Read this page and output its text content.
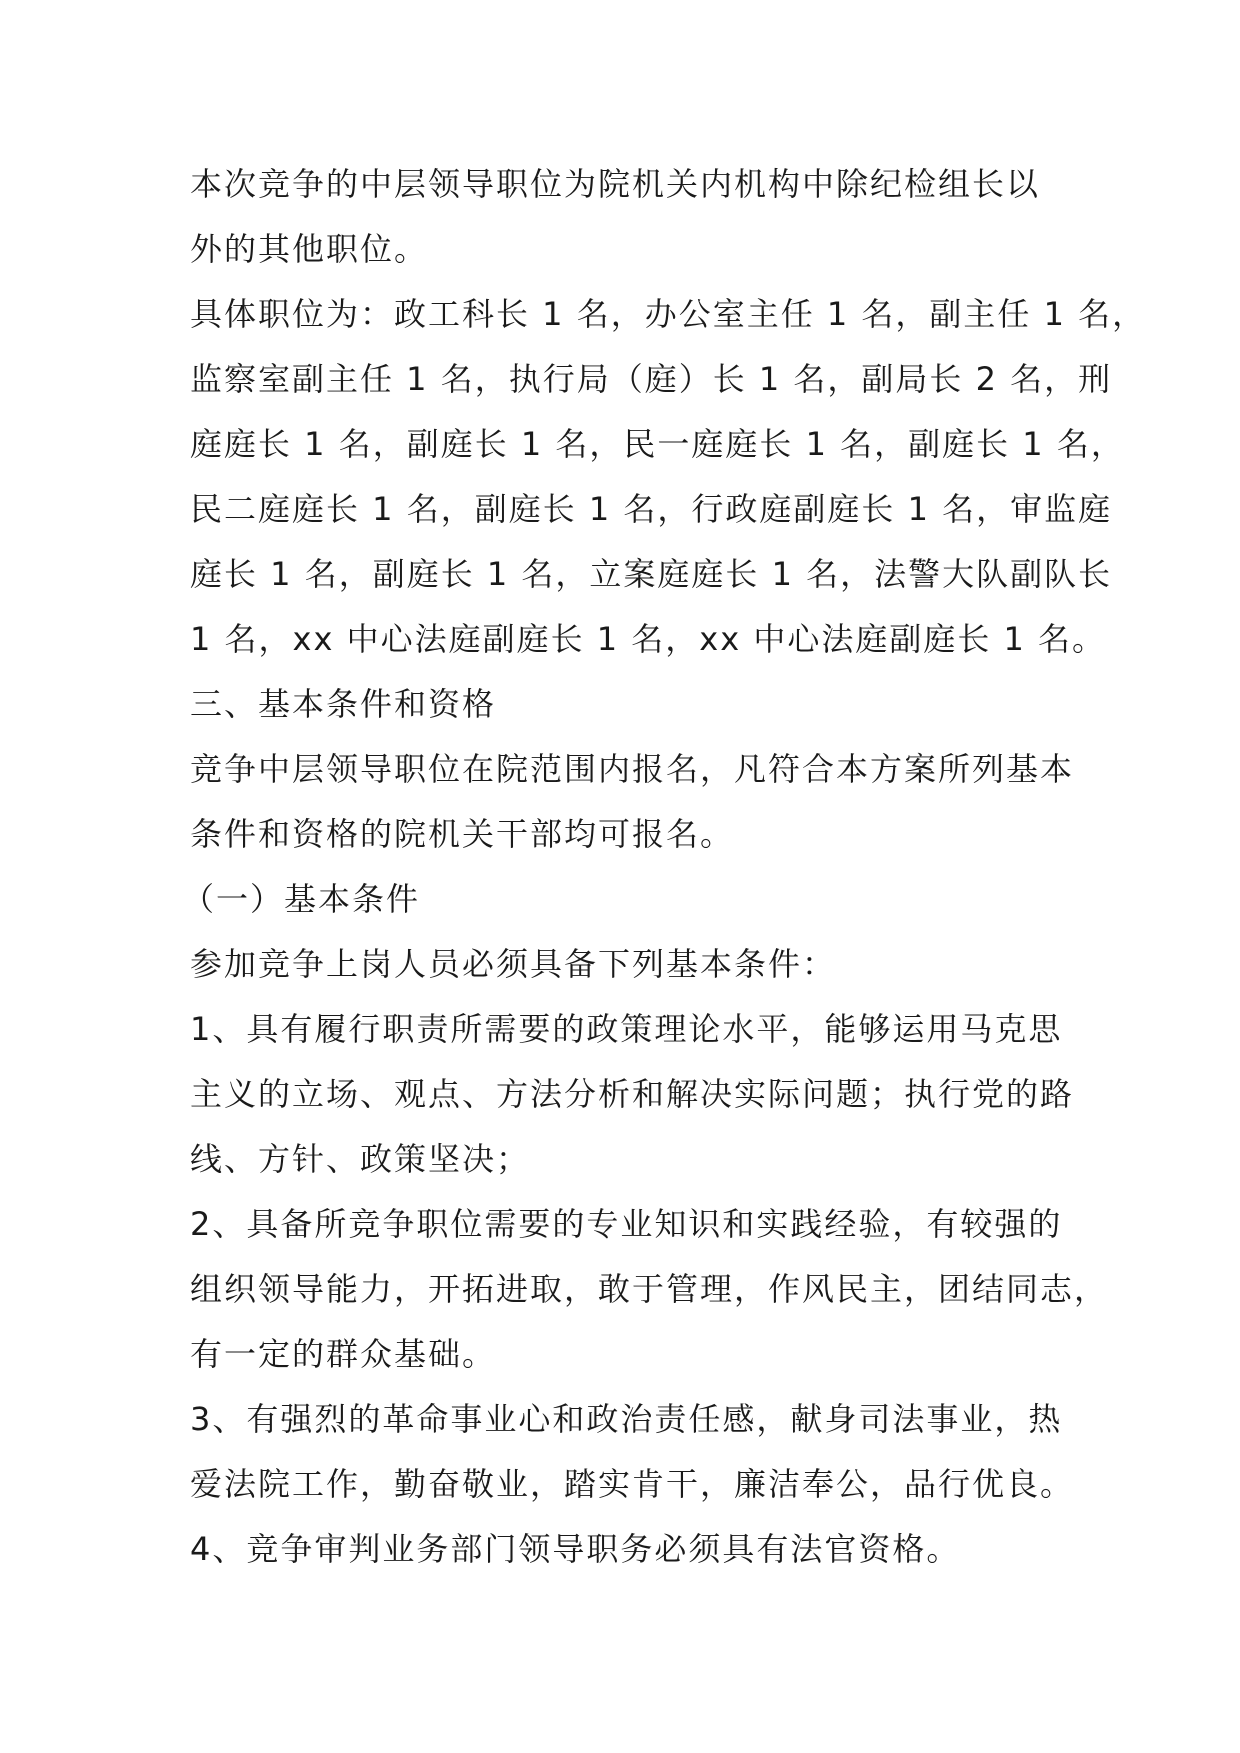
本次竞争的中层领导职位为院机关内机构中除纪检组长以
外的其他职位。
具体职位为：政工科长 1 名，办公室主任 1 名，副主任 1 名，
监察室副主任 1 名，执行局（庭）长 1 名，副局长 2 名，刑
庭庭长 1 名，副庭长 1 名，民一庭庭长 1 名，副庭长 1 名，
民二庭庭长 1 名，副庭长 1 名，行政庭副庭长 1 名，审监庭
庭长 1 名，副庭长 1 名，立案庭庭长 1 名，法警大队副队长
1 名，xx 中心法庭副庭长 1 名，xx 中心法庭副庭长 1 名。
三、基本条件和资格
竞争中层领导职位在院范围内报名，凡符合本方案所列基本
条件和资格的院机关干部均可报名。
（一）基本条件
参加竞争上岗人员必须具备下列基本条件：
1、具有履行职责所需要的政策理论水平，能够运用马克思
主义的立场、观点、方法分析和解决实际问题；执行党的路
线、方针、政策坚决；
2、具备所竞争职位需要的专业知识和实践经验，有较强的
组织领导能力，开拓进取，敢于管理，作风民主，团结同志，
有一定的群众基础。
3、有强烈的革命事业心和政治责任感，献身司法事业，热
爱法院工作，勤奋敬业，踏实肯干，廉洁奉公，品行优良。
4、竞争审判业务部门领导职务必须具有法官资格。
